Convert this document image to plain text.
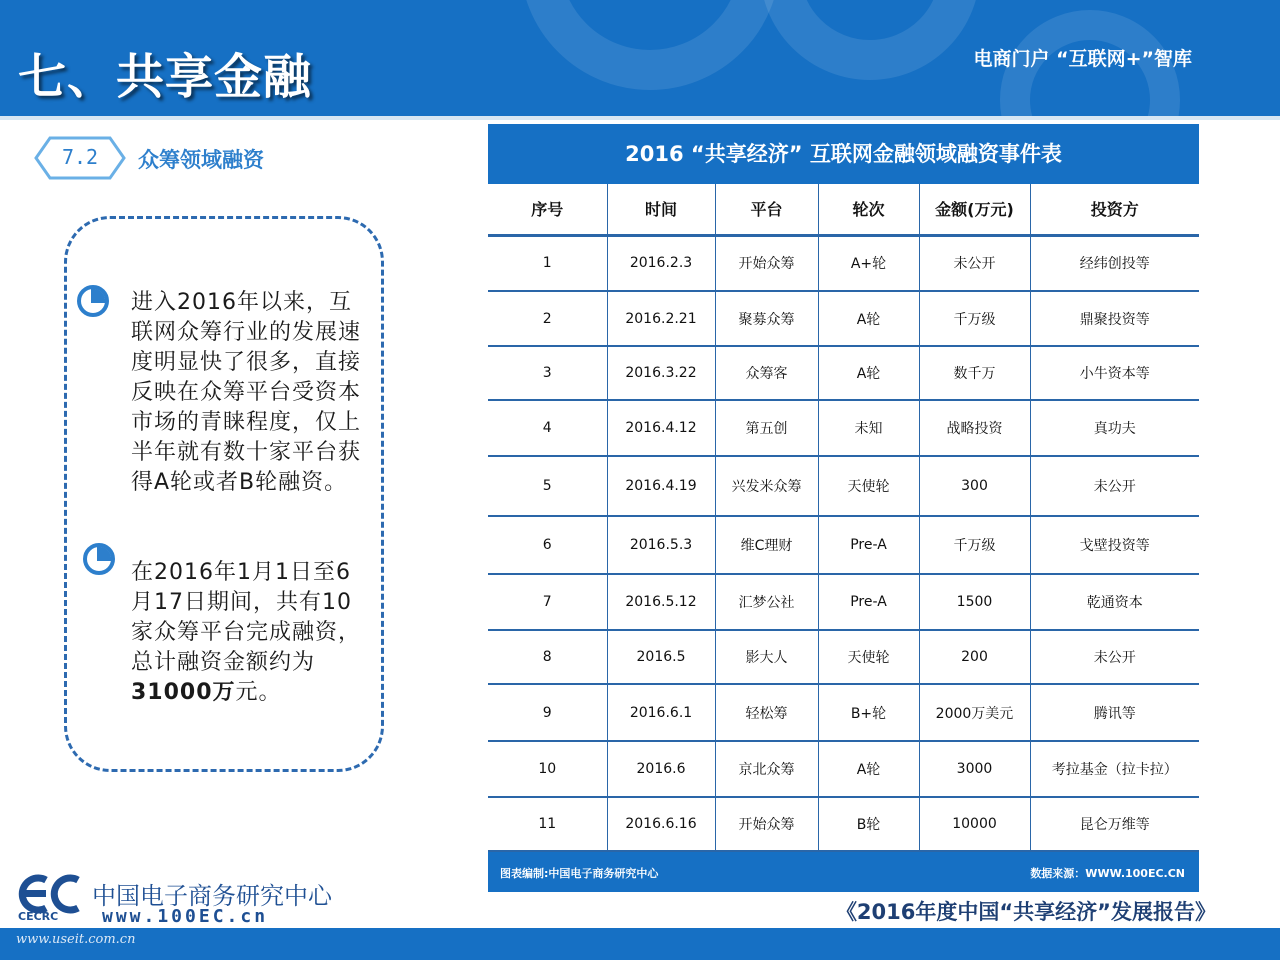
七、共享金融	电商门户 “互联网+”智库
7.2	众筹领域融资
进入2016年以来，互联网众筹行业的发展速度明显快了很多，直接反映在众筹平台受资本市场的青睐程度，仅上半年就有数十家平台获得A轮或者B轮融资。
在2016年1月1日至6月17日期间，共有10家众筹平台完成融资，总计融资金额约为31000万元。
2016 “共享经济” 互联网金融领域融资事件表
序号	时间	平台	轮次	金额(万元)	投资方
1	2016.2.3	开始众筹	A+轮	未公开	经纬创投等
2	2016.2.21	聚募众筹	A轮	千万级	鼎聚投资等
3	2016.3.22	众筹客	A轮	数千万	小牛资本等
4	2016.4.12	第五创	未知	战略投资	真功夫
5	2016.4.19	兴发米众筹	天使轮	300	未公开
6	2016.5.3	维C理财	Pre-A	千万级	戈壁投资等
7	2016.5.12	汇梦公社	Pre-A	1500	乾通资本
8	2016.5	影大人	天使轮	200	未公开
9	2016.6.1	轻松筹	B+轮	2000万美元	腾讯等
10	2016.6	京北众筹	A轮	3000	考拉基金（拉卡拉）
11	2016.6.16	开始众筹	B轮	10000	昆仑万维等
图表编制:中国电子商务研究中心	数据来源：WWW.100EC.CN
中国电子商务研究中心
CECRC www.100EC.cn	《2016年度中国“共享经济”发展报告》
www.useit.com.cn
